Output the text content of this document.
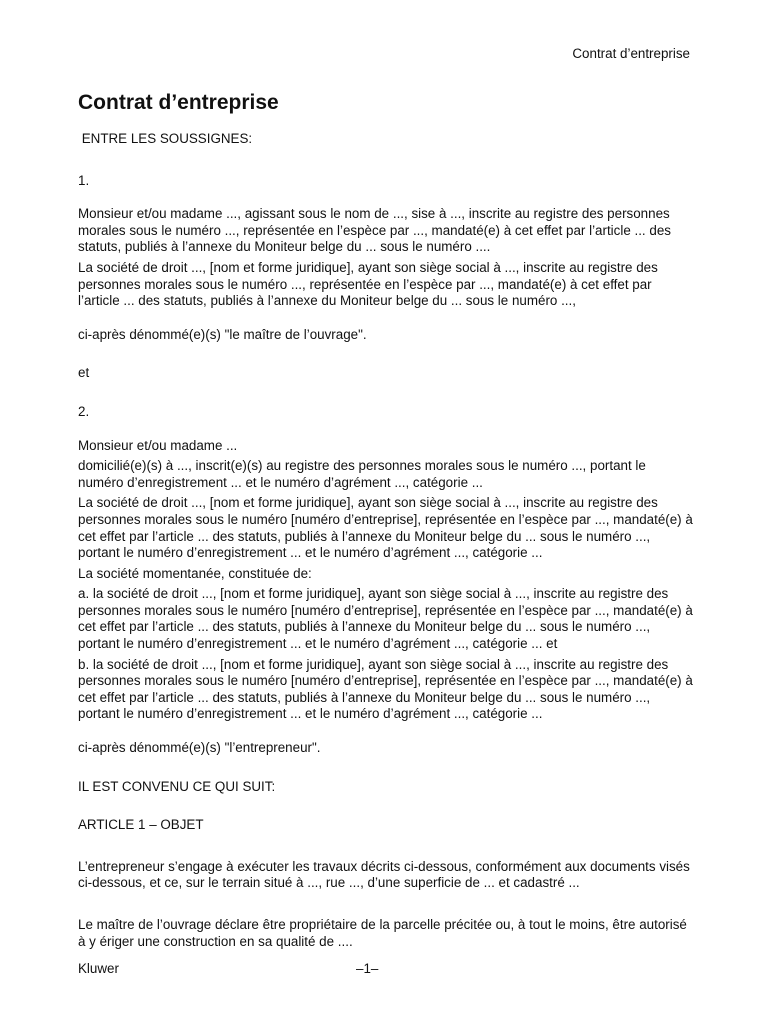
Contrat d’entreprise
Contrat d’entreprise

ENTRE LES SOUSSIGNES:

1.

Monsieur et/ou madame ..., agissant sous le nom de ..., sise à ..., inscrite au registre des personnes morales sous le numéro ..., représentée en l’espèce par ..., mandaté(e) à cet effet par l’article ... des statuts, publiés à l’annexe du Moniteur belge du ... sous le numéro ....

La société de droit ..., [nom et forme juridique], ayant son siège social à ..., inscrite au registre des personnes morales sous le numéro ..., représentée en l’espèce par ..., mandaté(e) à cet effet par l’article ... des statuts, publiés à l’annexe du Moniteur belge du ... sous le numéro ...,

ci-après dénommé(e)(s) "le maître de l’ouvrage".

et

2.

Monsieur et/ou madame ...

domicilié(e)(s) à ..., inscrit(e)(s) au registre des personnes morales sous le numéro ..., portant le numéro d’enregistrement ... et le numéro d’agrément ..., catégorie ...

La société de droit ..., [nom et forme juridique], ayant son siège social à ..., inscrite au registre des personnes morales sous le numéro [numéro d’entreprise], représentée en l’espèce par ..., mandaté(e) à cet effet par l’article ... des statuts, publiés à l’annexe du Moniteur belge du ... sous le numéro ..., portant le numéro d’enregistrement ... et le numéro d’agrément ..., catégorie ...

La société momentanée, constituée de:

a. la société de droit ..., [nom et forme juridique], ayant son siège social à ..., inscrite au registre des personnes morales sous le numéro [numéro d’entreprise], représentée en l’espèce par ..., mandaté(e) à cet effet par l’article ... des statuts, publiés à l’annexe du Moniteur belge du ... sous le numéro ..., portant le numéro d’enregistrement ... et le numéro d’agrément ..., catégorie ... et

b. la société de droit ..., [nom et forme juridique], ayant son siège social à ..., inscrite au registre des personnes morales sous le numéro [numéro d’entreprise], représentée en l’espèce par ..., mandaté(e) à cet effet par l’article ... des statuts, publiés à l’annexe du Moniteur belge du ... sous le numéro ..., portant le numéro d’enregistrement ... et le numéro d’agrément ..., catégorie ...

ci-après dénommé(e)(s) "l’entrepreneur".

IL EST CONVENU CE QUI SUIT:

ARTICLE 1 – OBJET

L’entrepreneur s’engage à exécuter les travaux décrits ci-dessous, conformément aux documents visés ci-dessous, et ce, sur le terrain situé à ..., rue ..., d’une superficie de ... et cadastré ...

Le maître de l’ouvrage déclare être propriétaire de la parcelle précitée ou, à tout le moins, être autorisé à y ériger une construction en sa qualité de ....

Kluwer	–1–
